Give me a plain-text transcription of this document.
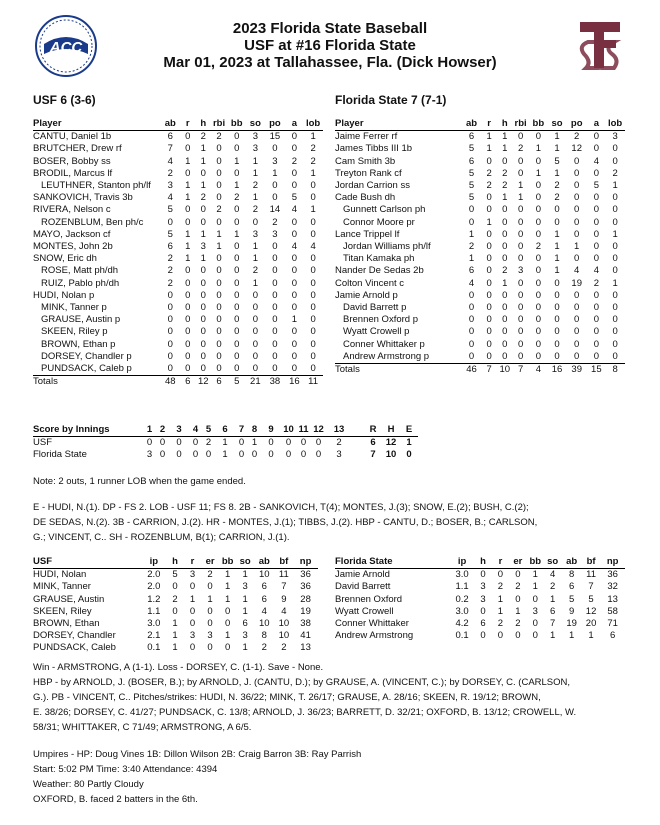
ACC
FS
2023 Florida State Baseball
USF at #16 Florida State
Mar 01, 2023 at Tallahassee, Fla. (Dick Howser)
USF 6 (3-6)	Florida State 7 (7-1)
Player	ab	r	h	rbi	bb	so	po	a	lob
CANTU, Daniel 1b	6	0	2	2	0	3	15	0	1
BRUTCHER, Drew rf	7	0	1	0	0	3	0	0	2
BOSER, Bobby ss	4	1	1	0	1	1	3	2	2
BRODIL, Marcus lf	2	0	0	0	0	1	1	0	1
LEUTHNER, Stanton ph/lf	3	1	1	0	1	2	0	0	0
SANKOVICH, Travis 3b	4	1	2	0	2	1	0	5	0
RIVERA, Nelson c	5	0	0	2	0	2	14	4	1
ROZENBLUM, Ben ph/c	0	0	0	0	0	0	2	0	0
MAYO, Jackson cf	5	1	1	1	1	3	3	0	0
MONTES, John 2b	6	1	3	1	0	1	0	4	4
SNOW, Eric dh	2	1	1	0	0	1	0	0	0
ROSE, Matt ph/dh	2	0	0	0	0	2	0	0	0
RUIZ, Pablo ph/dh	2	0	0	0	0	1	0	0	0
HUDI, Nolan p	0	0	0	0	0	0	0	0	0
MINK, Tanner p	0	0	0	0	0	0	0	0	0
GRAUSE, Austin p	0	0	0	0	0	0	0	1	0
SKEEN, Riley p	0	0	0	0	0	0	0	0	0
BROWN, Ethan p	0	0	0	0	0	0	0	0	0
DORSEY, Chandler p	0	0	0	0	0	0	0	0	0
PUNDSACK, Caleb p	0	0	0	0	0	0	0	0	0
Totals	48	6	12	6	5	21	38	16	11
Player	ab	r	h	rbi	bb	so	po	a	lob
Jaime Ferrer rf	6	1	1	0	0	1	2	0	3
James Tibbs III 1b	5	1	1	2	1	1	12	0	0
Cam Smith 3b	6	0	0	0	0	5	0	4	0
Treyton Rank cf	5	2	2	0	1	1	0	0	2
Jordan Carrion ss	5	2	2	1	0	2	0	5	1
Cade Bush dh	5	0	1	1	0	2	0	0	0
Gunnett Carlson ph	0	0	0	0	0	0	0	0	0
Connor Moore pr	0	1	0	0	0	0	0	0	0
Lance Trippel lf	1	0	0	0	0	1	0	0	1
Jordan Williams ph/lf	2	0	0	0	2	1	1	0	0
Titan Kamaka ph	1	0	0	0	0	1	0	0	0
Nander De Sedas 2b	6	0	2	3	0	1	4	4	0
Colton Vincent c	4	0	1	0	0	0	19	2	1
Jamie Arnold p	0	0	0	0	0	0	0	0	0
David Barrett p	0	0	0	0	0	0	0	0	0
Brennen Oxford p	0	0	0	0	0	0	0	0	0
Wyatt Crowell p	0	0	0	0	0	0	0	0	0
Conner Whittaker p	0	0	0	0	0	0	0	0	0
Andrew Armstrong p	0	0	0	0	0	0	0	0	0
Totals	46	7	10	7	4	16	39	15	8
Score by Innings	1	2	3	4	5	6	7	8	9	10	11	12	13		R	H	E
USF	0	0	0	0	2	1	0	1	0	0	0	0	2		6	12	1
Florida State	3	0	0	0	0	1	0	0	0	0	0	0	3		7	10	0
Note: 2 outs, 1 runner LOB when the game ended.
E - HUDI, N.(1). DP - FS 2. LOB - USF 11; FS 8. 2B - SANKOVICH, T(4); MONTES, J.(3); SNOW, E.(2); BUSH, C.(2);
DE SEDAS, N.(2). 3B - CARRION, J.(2). HR - MONTES, J.(1); TIBBS, J.(2). HBP - CANTU, D.; BOSER, B.; CARLSON,
G.; VINCENT, C.. SH - ROZENBLUM, B(1); CARRION, J.(1).
USF	ip	h	r	er	bb	so	ab	bf	np
HUDI, Nolan	2.0	5	3	2	1	1	10	11	36
MINK, Tanner	2.0	0	0	0	1	3	6	7	36
GRAUSE, Austin	1.2	2	1	1	1	1	6	9	28
SKEEN, Riley	1.1	0	0	0	0	1	4	4	19
BROWN, Ethan	3.0	1	0	0	0	6	10	10	38
DORSEY, Chandler	2.1	1	3	3	1	3	8	10	41
PUNDSACK, Caleb	0.1	1	0	0	0	1	2	2	13
Florida State	ip	h	r	er	bb	so	ab	bf	np
Jamie Arnold	3.0	0	0	0	1	4	8	11	36
David Barrett	1.1	3	2	2	1	2	6	7	32
Brennen Oxford	0.2	3	1	0	0	1	5	5	13
Wyatt Crowell	3.0	0	1	1	3	6	9	12	58
Conner Whittaker	4.2	6	2	2	0	7	19	20	71
Andrew Armstrong	0.1	0	0	0	0	1	1	1	6
Win - ARMSTRONG, A (1-1). Loss - DORSEY, C. (1-1). Save - None.
HBP - by ARNOLD, J. (BOSER, B.); by ARNOLD, J. (CANTU, D.); by GRAUSE, A. (VINCENT, C.); by DORSEY, C. (CARLSON,
G.). PB - VINCENT, C.. Pitches/strikes: HUDI, N. 36/22; MINK, T. 26/17; GRAUSE, A. 28/16; SKEEN, R. 19/12; BROWN,
E. 38/26; DORSEY, C. 41/27; PUNDSACK, C. 13/8; ARNOLD, J. 36/23; BARRETT, D. 32/21; OXFORD, B. 13/12; CROWELL, W.
58/31; WHITTAKER, C 71/49; ARMSTRONG, A 6/5.
Umpires - HP: Doug Vines 1B: Dillon Wilson 2B: Craig Barron 3B: Ray Parrish
Start: 5:02 PM Time: 3:40 Attendance: 4394
Weather: 80 Partly Cloudy
OXFORD, B. faced 2 batters in the 6th.
